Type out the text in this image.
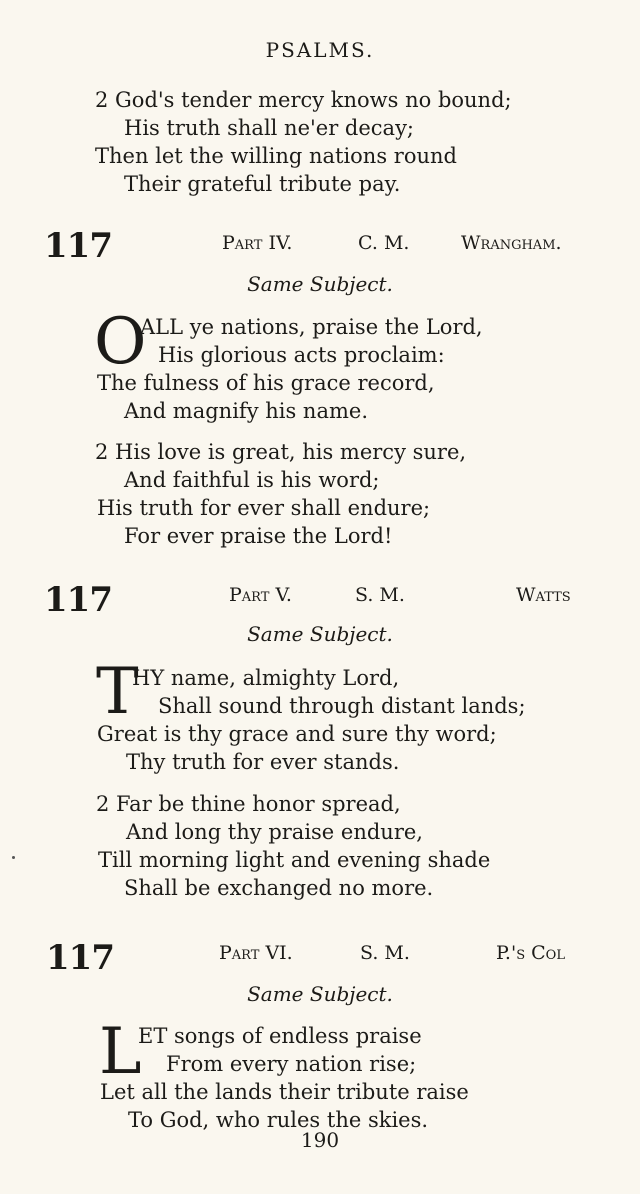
PSALMS.
2 God's tender mercy knows no bound;
His truth shall ne'er decay;
Then let the willing nations round
Their grateful tribute pay.
117	Part IV.	C. M.	Wrangham.
Same Subject.
O
ALL ye nations, praise the Lord,
His glorious acts proclaim:
The fulness of his grace record,
And magnify his name.
2 His love is great, his mercy sure,
And faithful is his word;
His truth for ever shall endure;
For ever praise the Lord!
117	Part V.	S. M.	Watts
Same Subject.
T
HY name, almighty Lord,
Shall sound through distant lands;
Great is thy grace and sure thy word;
Thy truth for ever stands.
2 Far be thine honor spread,
And long thy praise endure,
Till morning light and evening shade
Shall be exchanged no more.
117	Part VI.	S. M.	P.'s Col
Same Subject.
L
ET songs of endless praise
From every nation rise;
Let all the lands their tribute raise
To God, who rules the skies.
190
